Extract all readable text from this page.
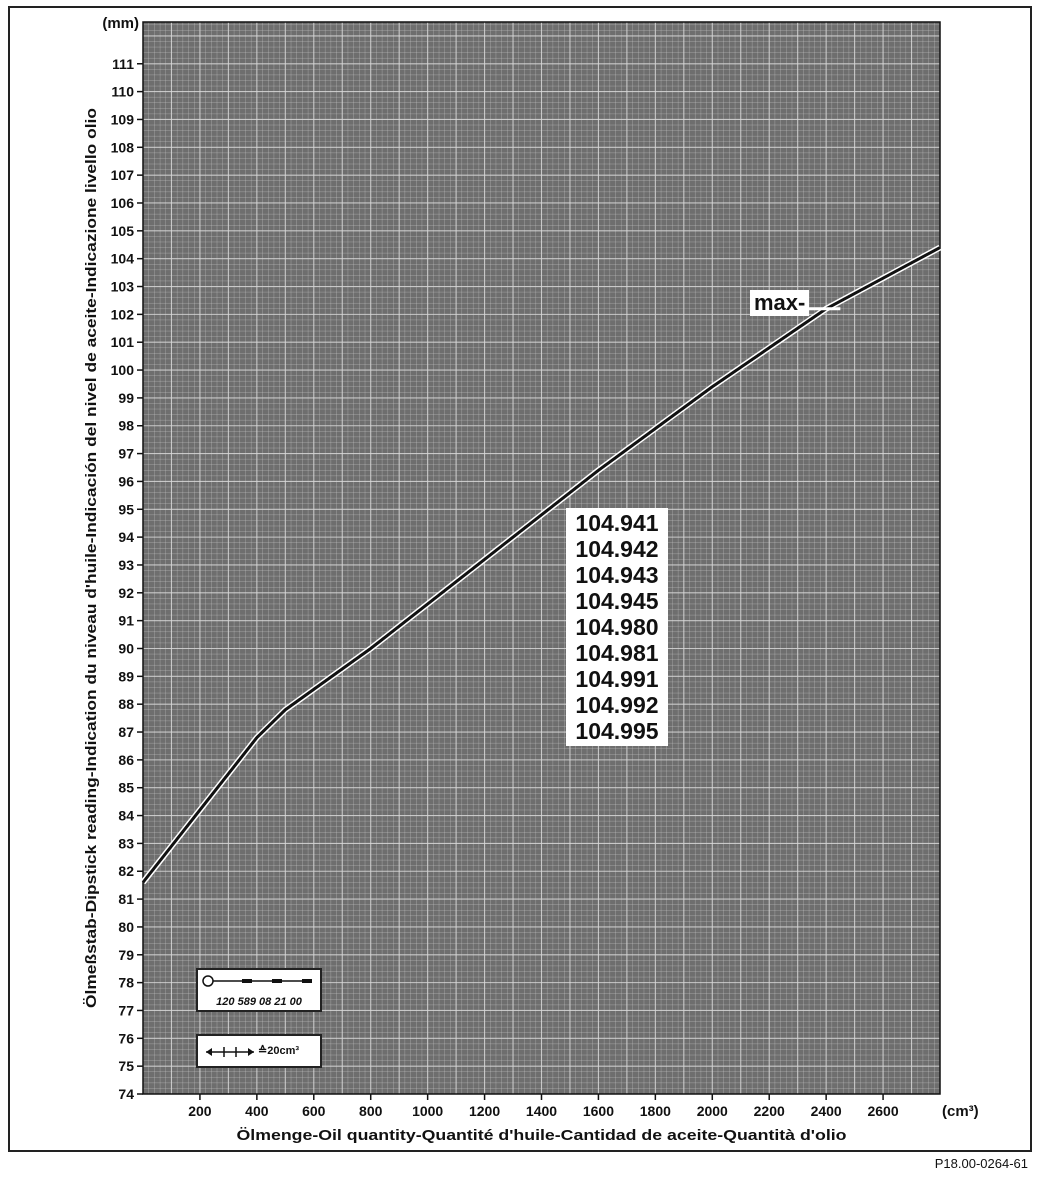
74
75
76
77
78
79
80
81
82
83
84
85
86
87
88
89
90
91
92
93
94
95
96
97
98
99
100
101
102
103
104
105
106
107
108
109
110
111
200 400 600 800 1000 1200 1400 1600 1800 2000 2200 2400 2600
(mm)
(cm³)
Ölmenge-Oil quantity-Quantité d'huile-Cantidad de aceite-Quantità d'olio
Ölmeßstab-Dipstick reading-Indication du niveau d'huile-Indicación del nivel de aceite-Indicazione livello olio	max-
104.941
104.942
104.943
104.945
104.980
104.981
104.991
104.992
104.995
120 589 08 21 00
≙20cm³
P18.00-0264-61
